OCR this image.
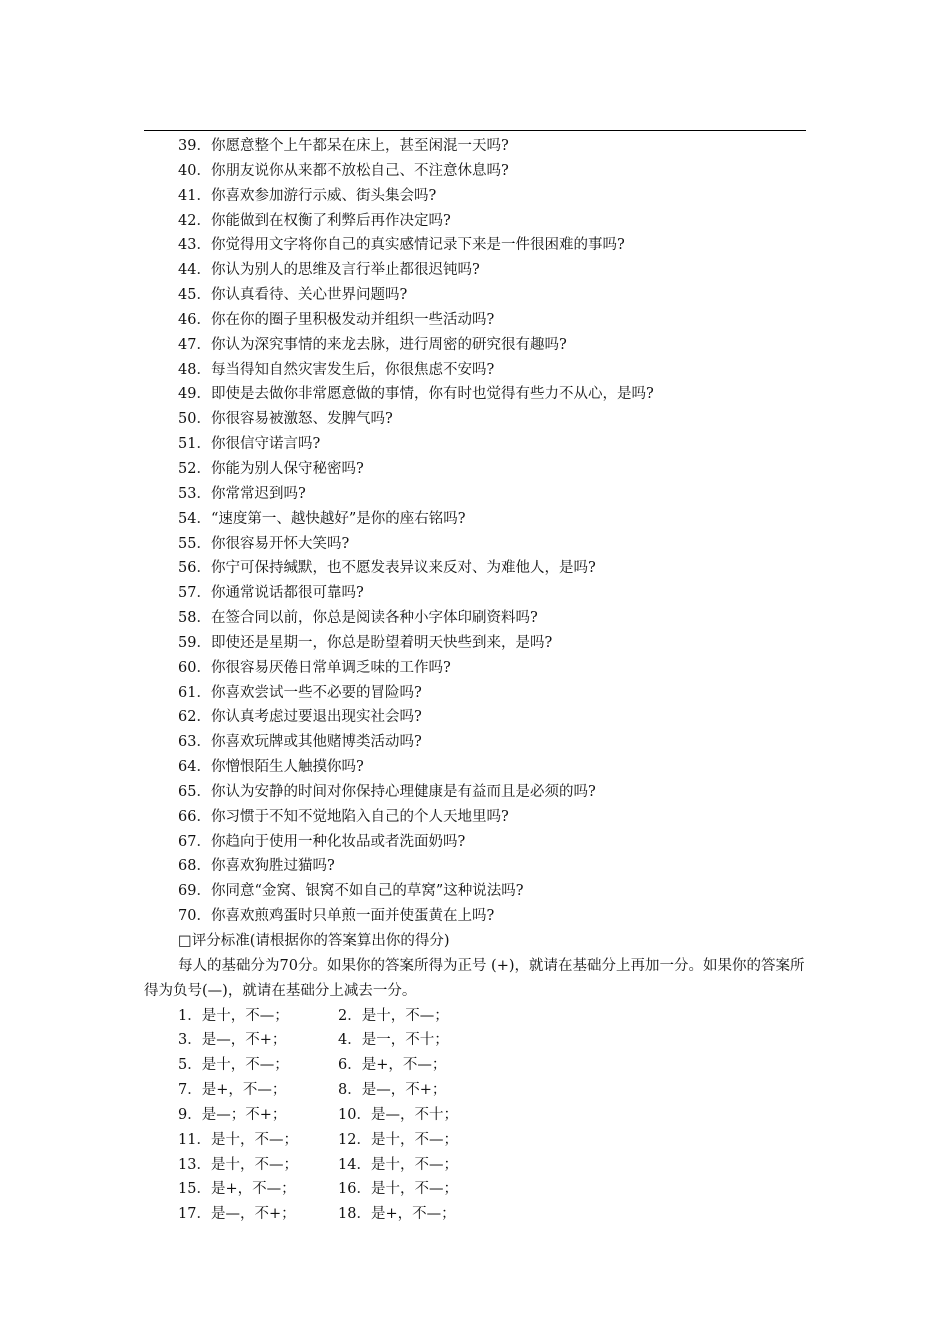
39．你愿意整个上午都呆在床上，甚至闲混一天吗?
40．你朋友说你从来都不放松自己、不注意休息吗?
41．你喜欢参加游行示威、街头集会吗?
42．你能做到在权衡了利弊后再作决定吗?
43．你觉得用文字将你自己的真实感情记录下来是一件很困难的事吗?
44．你认为别人的思维及言行举止都很迟钝吗?
45．你认真看待、关心世界问题吗?
46．你在你的圈子里积极发动并组织一些活动吗?
47．你认为深究事情的来龙去脉，进行周密的研究很有趣吗?
48．每当得知自然灾害发生后，你很焦虑不安吗?
49．即使是去做你非常愿意做的事情，你有时也觉得有些力不从心，是吗?
50．你很容易被激怒、发脾气吗?
51．你很信守诺言吗?
52．你能为别人保守秘密吗?
53．你常常迟到吗?
54．“速度第一、越快越好”是你的座右铭吗?
55．你很容易开怀大笑吗?
56．你宁可保持缄默，也不愿发表异议来反对、为难他人，是吗?
57．你通常说话都很可靠吗?
58．在签合同以前，你总是阅读各种小字体印刷资料吗?
59．即使还是星期一，你总是盼望着明天快些到来，是吗?
60．你很容易厌倦日常单调乏味的工作吗?
61．你喜欢尝试一些不必要的冒险吗?
62．你认真考虑过要退出现实社会吗?
63．你喜欢玩牌或其他赌博类活动吗?
64．你憎恨陌生人触摸你吗?
65．你认为安静的时间对你保持心理健康是有益而且是必须的吗?
66．你习惯于不知不觉地陷入自己的个人天地里吗?
67．你趋向于使用一种化妆品或者洗面奶吗?
68．你喜欢狗胜过猫吗?
69．你同意“金窝、银窝不如自己的草窝”这种说法吗?
70．你喜欢煎鸡蛋时只单煎一面并使蛋黄在上吗?
□评分标准(请根据你的答案算出你的得分)
每人的基础分为70分。如果你的答案所得为正号 (+)，就请在基础分上再加一分。如果你的答案所得为负号(—)，就请在基础分上减去一分。
1．是十，不—；	2．是十，不—；
3．是—，不+；	4．是一，不十；
5．是十，不—；	6．是+，不—；
7．是+，不—；	8．是—，不+；
9．是—；不+；	10．是—，不十；
11．是十，不—；	12．是十，不—；
13．是十，不—；	14．是十，不—；
15．是+，不—；	16．是十，不—；
17．是—，不+；	18．是+，不—；
